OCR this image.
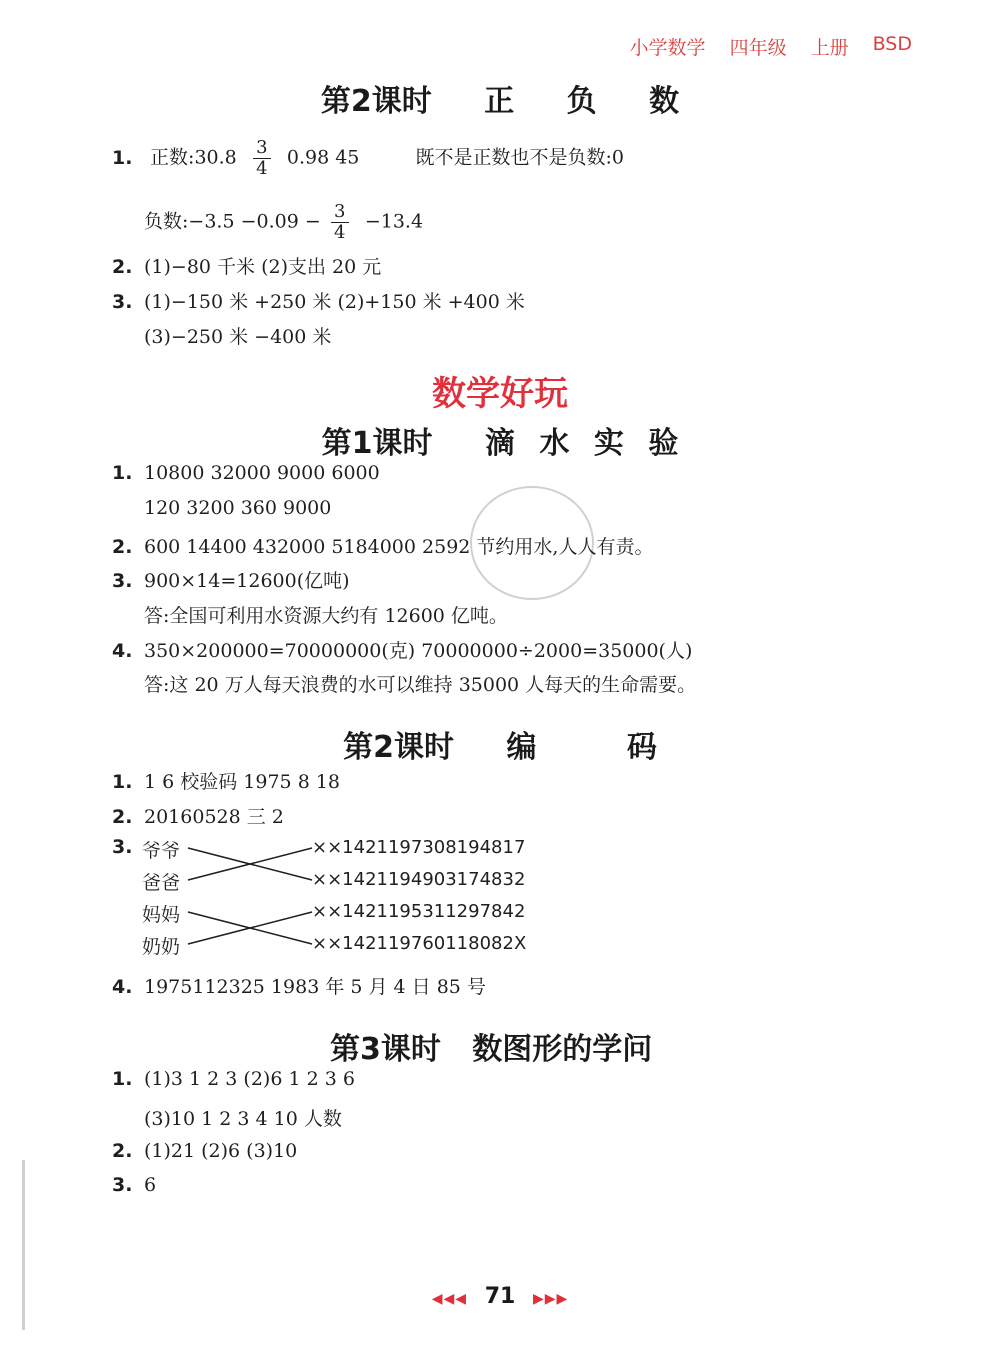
小学数学 四年级 上册 BSD
第2课时 正 负 数
1. 正数:30.8 $\frac{3}{4} 0.98$ 45	既不是正数也不是负数:0
负数:−3.5 $-0.09 - \frac{3}{4} -13.4$
2. (1)−80 千米 (2)支出 20 元
3. (1)−150 米 +250 米 (2)+150 米 +400 米
(3)−250 米 −400 米
数学好玩
第1课时 滴 水 实 验
1. 10800 32000 9000 6000
120 3200 360 9000
2. 600 14400 432000 5184000 2592 节约用水,人人有责。
3. 900×14=12600(亿吨)
答:全国可利用水资源大约有 12600 亿吨。
4. 350×200000=70000000(克) 70000000÷2000=35000(人)
答:这 20 万人每天浪费的水可以维持 35000 人每天的生命需要。
第2课时 编	码
1. 1 6 校验码 1975 8 18
2. 20160528 三 2
3. 爷爷
爸爸
妈妈
奶奶
××1421197308194817
××1421194903174832
××1421195311297842
××142119760118082X
4. 1975112325 1983 年 5 月 4 日 85 号
第3课时   数图形的学问
1. (1)3 1 2 3 (2)6 1 2 3 6
(3)10 1 2 3 4 10 人数
2. (1)21 (2)6 (3)10
3. 6
◀◀◀ 71 ▶▶▶
